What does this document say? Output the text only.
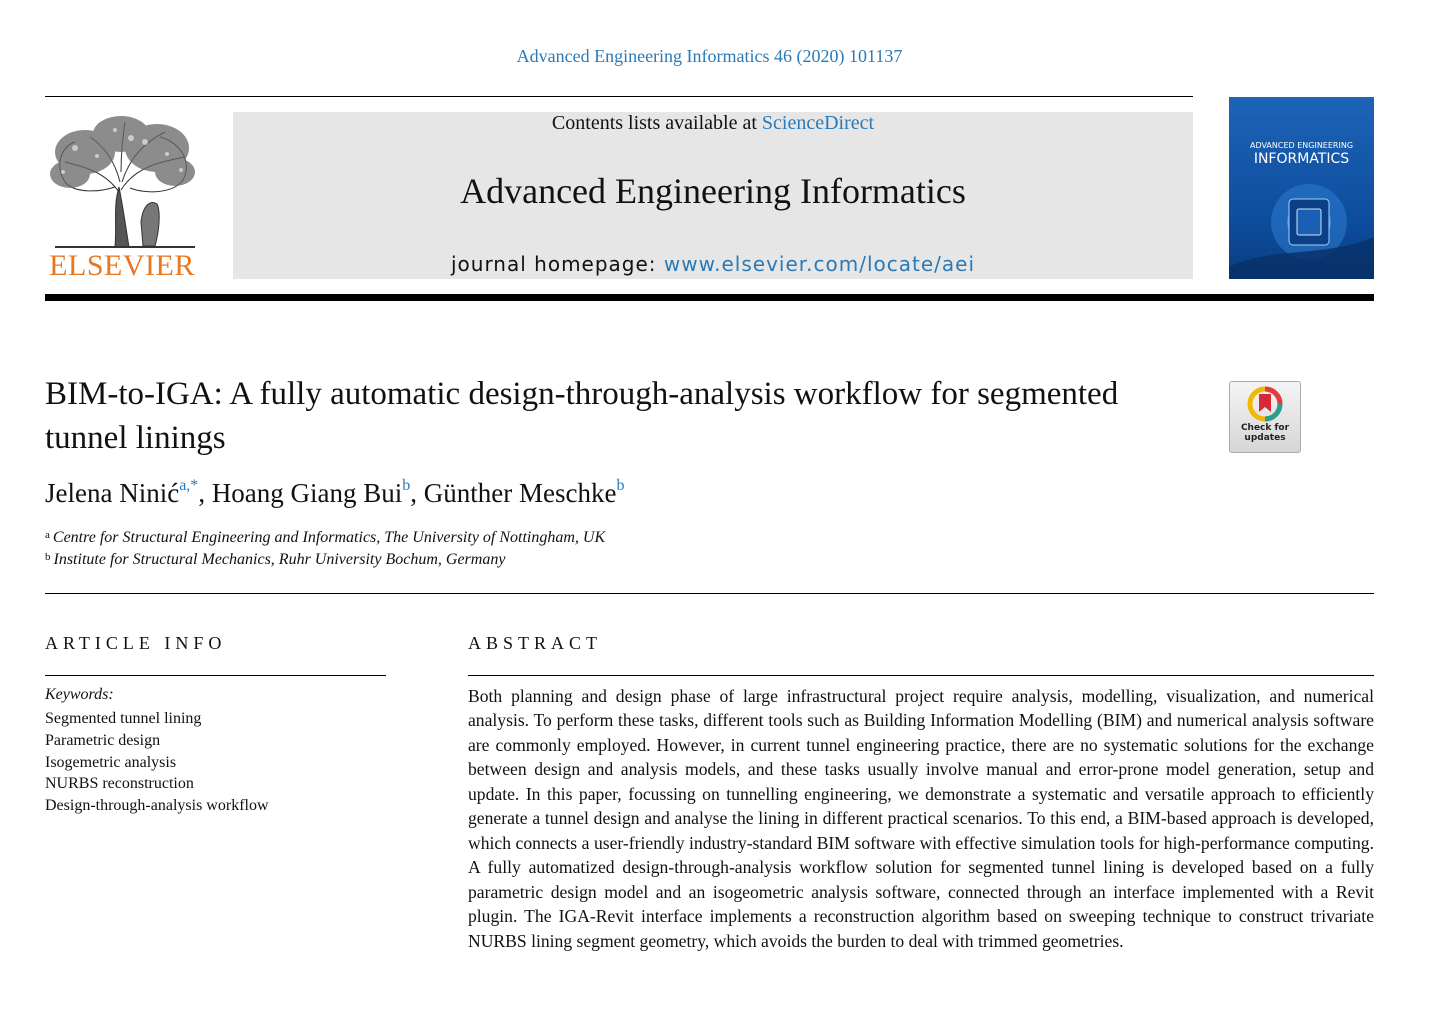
Advanced Engineering Informatics 46 (2020) 101137
ELSEVIER
Contents lists available at ScienceDirect
Advanced Engineering Informatics
journal homepage: www.elsevier.com/locate/aei
ADVANCED ENGINEERING
INFORMATICS
BIM-to-IGA: A fully automatic design-through-analysis workflow for segmented tunnel linings	Check for updates
Jelena Ninić$^{a,*}$, Hoang Giang Bui$^b$, Günther Meschke$^b$
$^a$ Centre for Structural Engineering and Informatics, The University of Nottingham, UK
$^b$ Institute for Structural Mechanics, Ruhr University Bochum, Germany
ARTICLE INFO
Keywords:
Segmented tunnel lining
Parametric design
Isogemetric analysis
NURBS reconstruction
Design-through-analysis workflow
ABSTRACT

Both planning and design phase of large infrastructural project require analysis, modelling, visualization, and numerical analysis. To perform these tasks, different tools such as Building Information Modelling (BIM) and numerical analysis software are commonly employed. However, in current tunnel engineering practice, there are no systematic solutions for the exchange between design and analysis models, and these tasks usually involve manual and error-prone model generation, setup and update. In this paper, focussing on tunnelling engineering, we demonstrate a systematic and versatile approach to efficiently generate a tunnel design and analyse the lining in different practical scenarios. To this end, a BIM-based approach is developed, which connects a user-friendly industry-standard BIM software with effective simulation tools for high-performance computing. A fully automatized design-through-analysis workflow solution for segmented tunnel lining is developed based on a fully parametric design model and an isogeometric analysis software, connected through an interface implemented with a Revit plugin. The IGA-Revit interface implements a reconstruction algorithm based on sweeping technique to construct trivariate NURBS lining segment geometry, which avoids the burden to deal with trimmed geometries.
